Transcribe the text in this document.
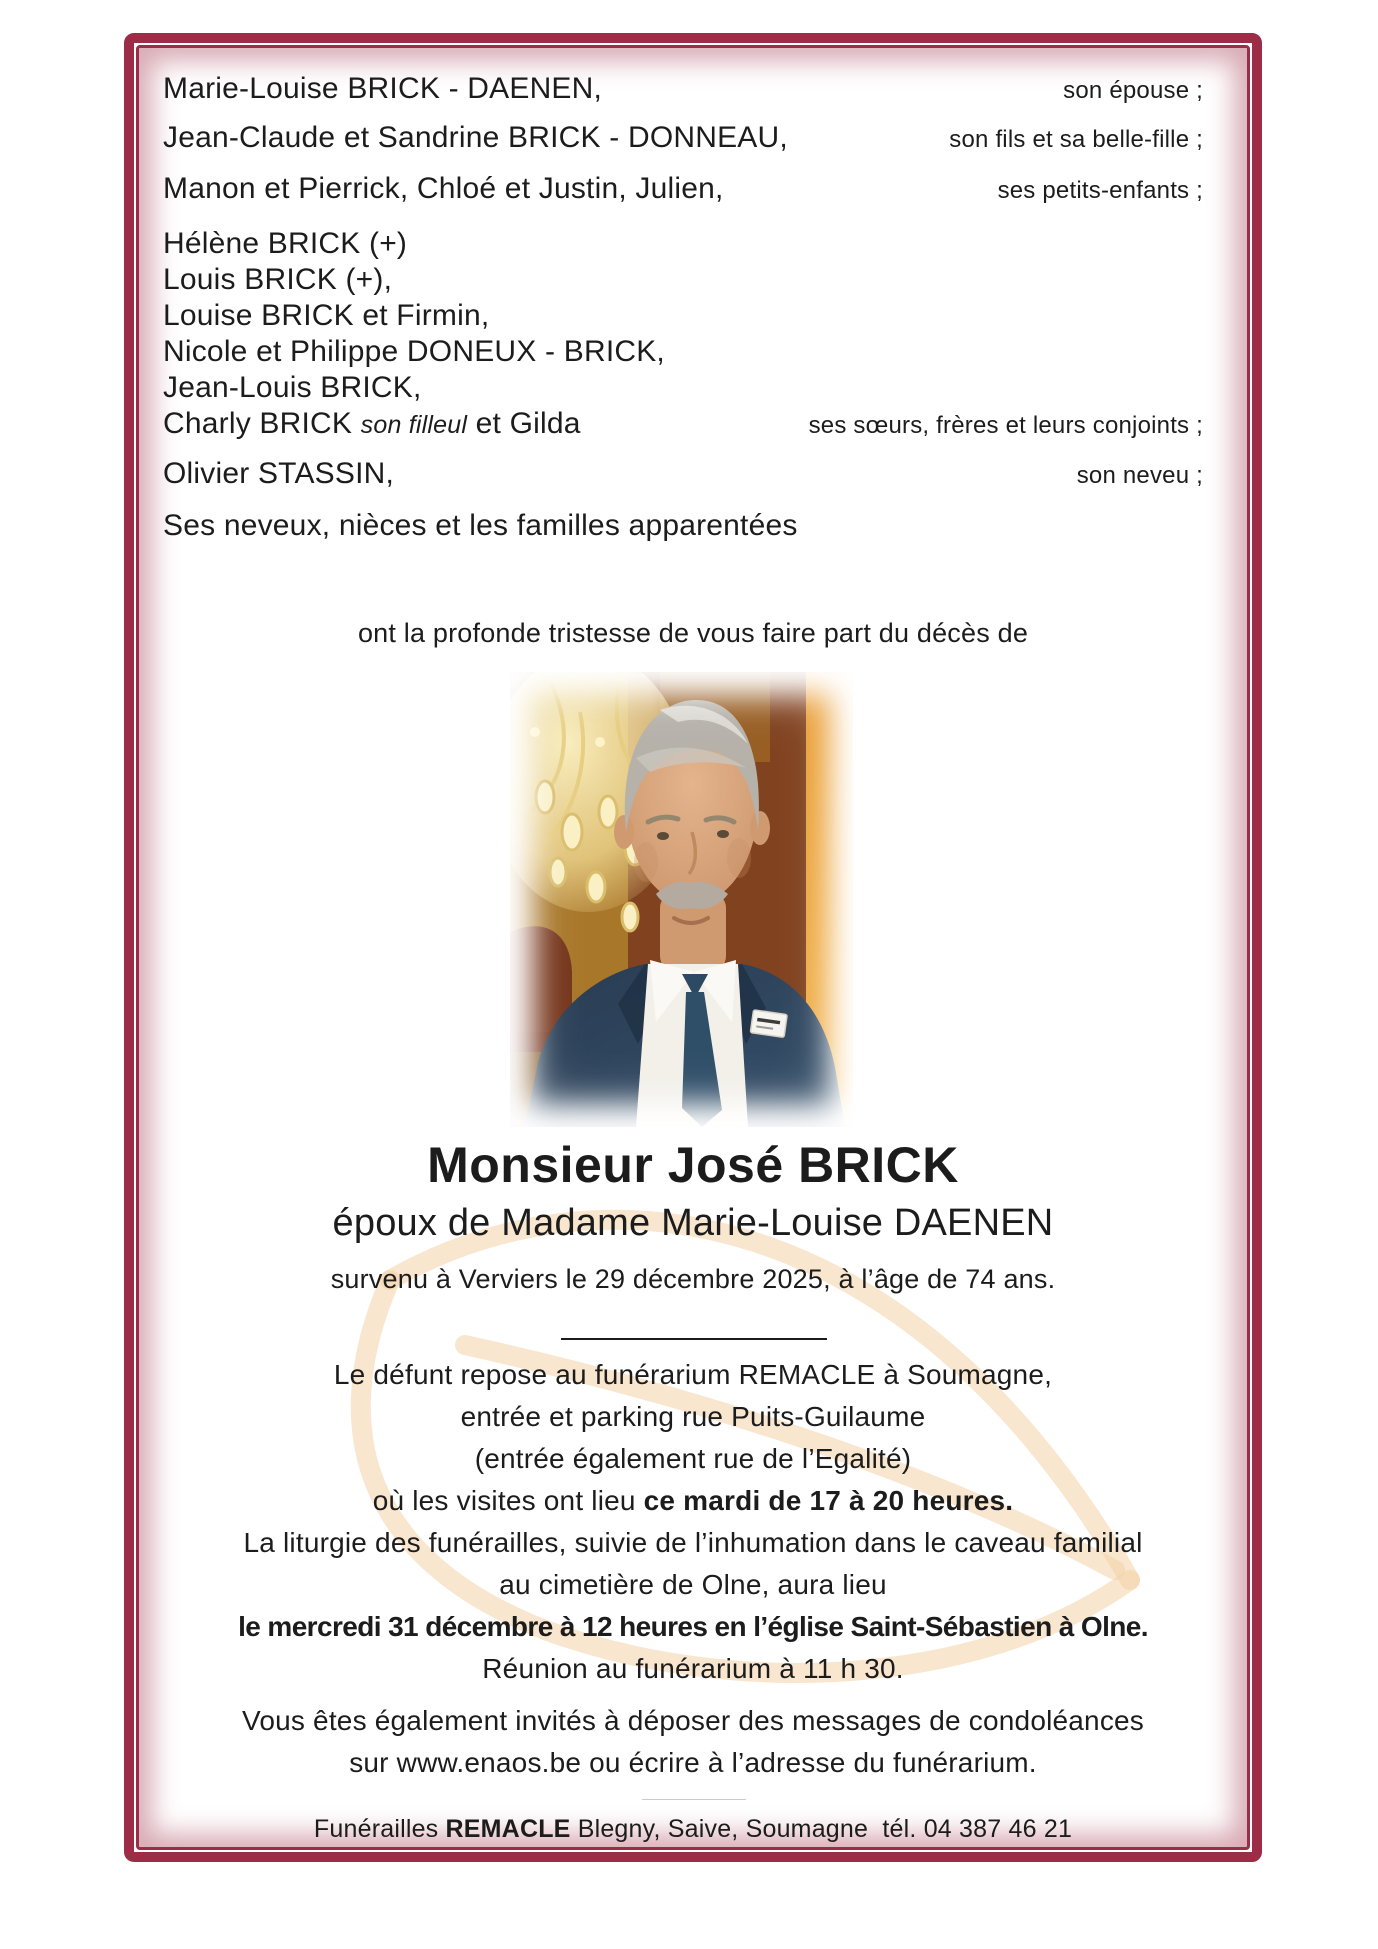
Marie-Louise BRICK - DAENEN,	son épouse ;
Jean-Claude et Sandrine BRICK - DONNEAU,	son fils et sa belle-fille ;
Manon et Pierrick, Chloé et Justin, Julien,	ses petits-enfants ;
Hélène BRICK (+)
Louis BRICK (+),
Louise BRICK et Firmin,
Nicole et Philippe DONEUX - BRICK,
Jean-Louis BRICK,
Charly BRICK son filleul et Gilda	ses sœurs, frères et leurs conjoints ;
Olivier STASSIN,	son neveu ;
Ses neveux, nièces et les familles apparentées
ont la profonde tristesse de vous faire part du décès de
Monsieur José BRICK
époux de Madame Marie-Louise DAENEN
survenu à Verviers le 29 décembre 2025, à l’âge de 74 ans.
Le défunt repose au funérarium REMACLE à Soumagne,
entrée et parking rue Puits-Guilaume
(entrée également rue de l’Egalité)
où les visites ont lieu ce mardi de 17 à 20 heures.
La liturgie des funérailles, suivie de l’inhumation dans le caveau familial
au cimetière de Olne, aura lieu
le mercredi 31 décembre à 12 heures en l’église Saint-Sébastien à Olne.
Réunion au funérarium à 11 h 30.
Vous êtes également invités à déposer des messages de condoléances
sur www.enaos.be ou écrire à l’adresse du funérarium.
Funérailles REMACLE Blegny, Saive, Soumagne  tél. 04 387 46 21
